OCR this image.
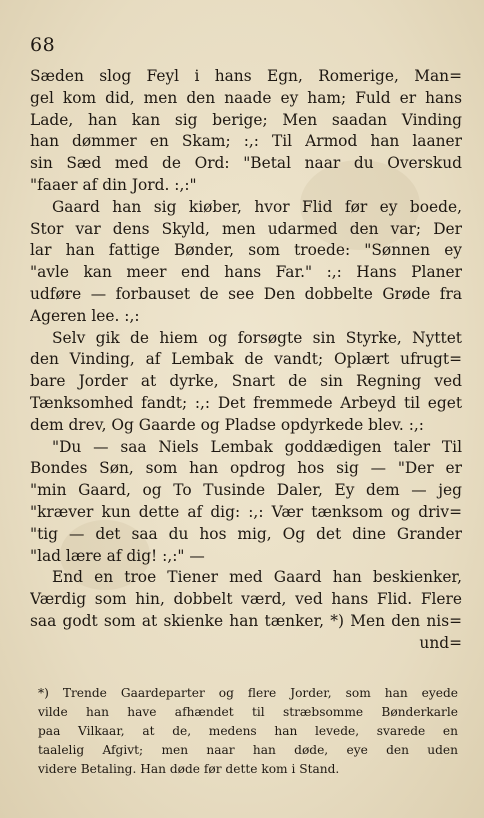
68
Sæden slog Feyl i hans Egn, Romerige, Man=
gel kom did, men den naade ey ham; Fuld er hans
Lade, han kan sig berige; Men saadan Vinding
han dømmer en Skam; :,: Til Armod han laaner
sin Sæd med de Ord: "Betal naar du Overskud
"faaer af din Jord. :,:"
Gaard han sig kiøber, hvor Flid før ey boede,
Stor var dens Skyld, men udarmed den var; Der
lar han fattige Bønder, som troede: "Sønnen ey
"avle kan meer end hans Far." :,: Hans Planer
udføre — forbauset de see Den dobbelte Grøde fra
Ageren lee. :,:
Selv gik de hiem og forsøgte sin Styrke, Nyttet
den Vinding, af Lembak de vandt; Oplært ufrugt=
bare Jorder at dyrke, Snart de sin Regning ved
Tænksomhed fandt; :,: Det fremmede Arbeyd til eget
dem drev, Og Gaarde og Pladse opdyrkede blev. :,:
"Du — saa Niels Lembak goddædigen taler Til
Bondes Søn, som han opdrog hos sig — "Der er
"min Gaard, og To Tusinde Daler, Ey dem — jeg
"kræver kun dette af dig: :,: Vær tænksom og driv=
"tig — det saa du hos mig, Og det dine Grander
"lad lære af dig! :,:" —
End en troe Tiener med Gaard han beskienker,
Værdig som hin, dobbelt værd, ved hans Flid. Flere
saa godt som at skienke han tænker, *) Men den nis=
und=
*) Trende Gaardeparter og flere Jorder, som han eyede
vilde han have afhændet til stræbsomme Bønderkarle
paa Vilkaar, at de, medens han levede, svarede en
taalelig Afgivt; men naar han døde, eye den uden
videre Betaling. Han døde før dette kom i Stand.
